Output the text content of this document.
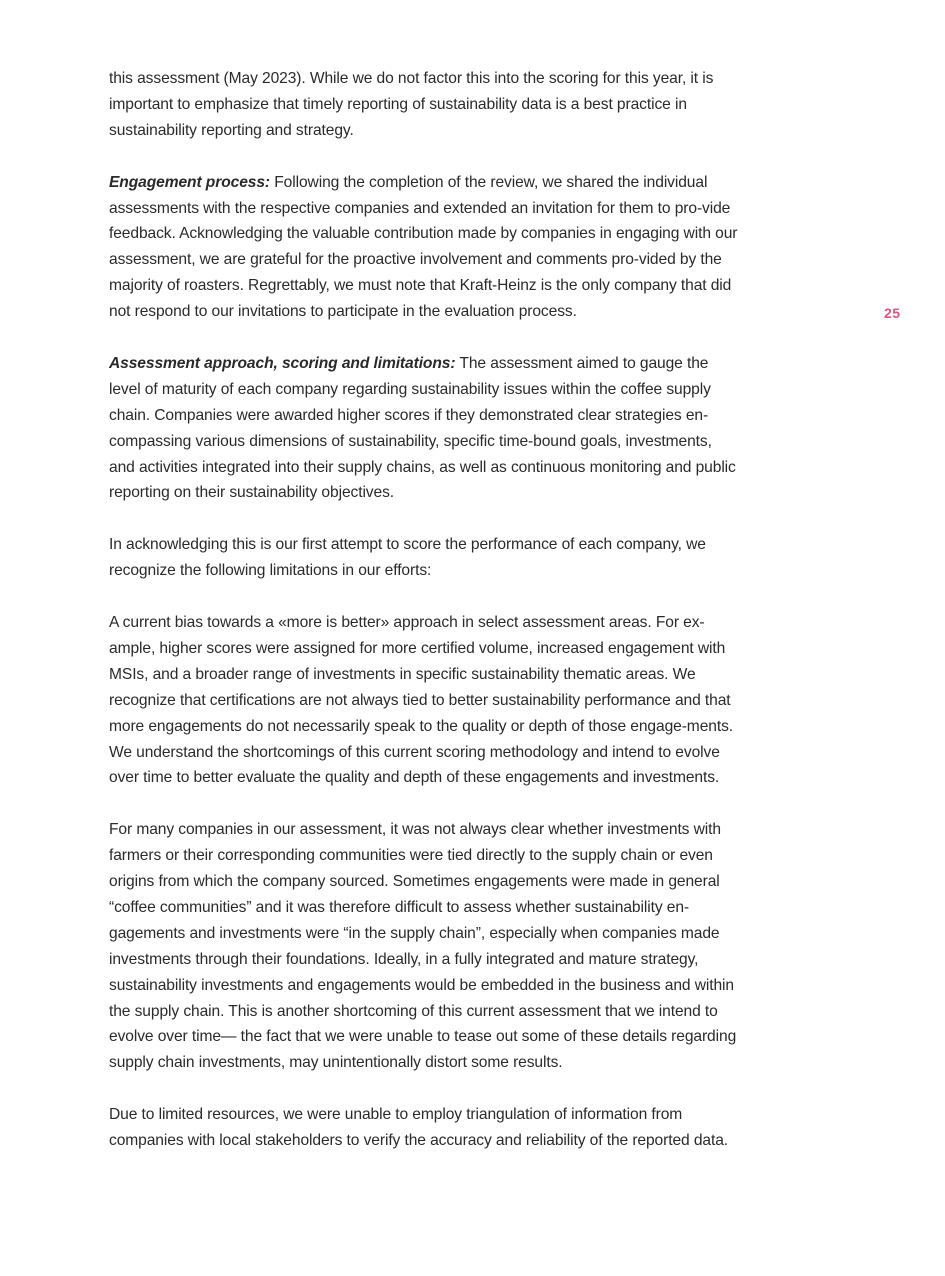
25

this assessment (May 2023). While we do not factor this into the scoring for this year, it is important to emphasize that timely reporting of sustainability data is a best practice in sustainability reporting and strategy.

Engagement process: Following the completion of the review, we shared the individual assessments with the respective companies and extended an invitation for them to pro-vide feedback. Acknowledging the valuable contribution made by companies in engaging with our assessment, we are grateful for the proactive involvement and comments pro-vided by the majority of roasters. Regrettably, we must note that Kraft-Heinz is the only company that did not respond to our invitations to participate in the evaluation process.

Assessment approach, scoring and limitations: The assessment aimed to gauge the level of maturity of each company regarding sustainability issues within the coffee supply chain. Companies were awarded higher scores if they demonstrated clear strategies en-compassing various dimensions of sustainability, specific time-bound goals, investments, and activities integrated into their supply chains, as well as continuous monitoring and public reporting on their sustainability objectives.

In acknowledging this is our first attempt to score the performance of each company, we recognize the following limitations in our efforts:

A current bias towards a «more is better» approach in select assessment areas. For ex-ample, higher scores were assigned for more certified volume, increased engagement with MSIs, and a broader range of investments in specific sustainability thematic areas. We recognize that certifications are not always tied to better sustainability performance and that more engagements do not necessarily speak to the quality or depth of those engage-ments. We understand the shortcomings of this current scoring methodology and intend to evolve over time to better evaluate the quality and depth of these engagements and investments.

For many companies in our assessment, it was not always clear whether investments with farmers or their corresponding communities were tied directly to the supply chain or even origins from which the company sourced. Sometimes engagements were made in general “coffee communities” and it was therefore difficult to assess whether sustainability en-gagements and investments were “in the supply chain”, especially when companies made investments through their foundations. Ideally, in a fully integrated and mature strategy, sustainability investments and engagements would be embedded in the business and within the supply chain. This is another shortcoming of this current assessment that we intend to evolve over time— the fact that we were unable to tease out some of these details regarding supply chain investments, may unintentionally distort some results.

Due to limited resources, we were unable to employ triangulation of information from companies with local stakeholders to verify the accuracy and reliability of the reported data.
